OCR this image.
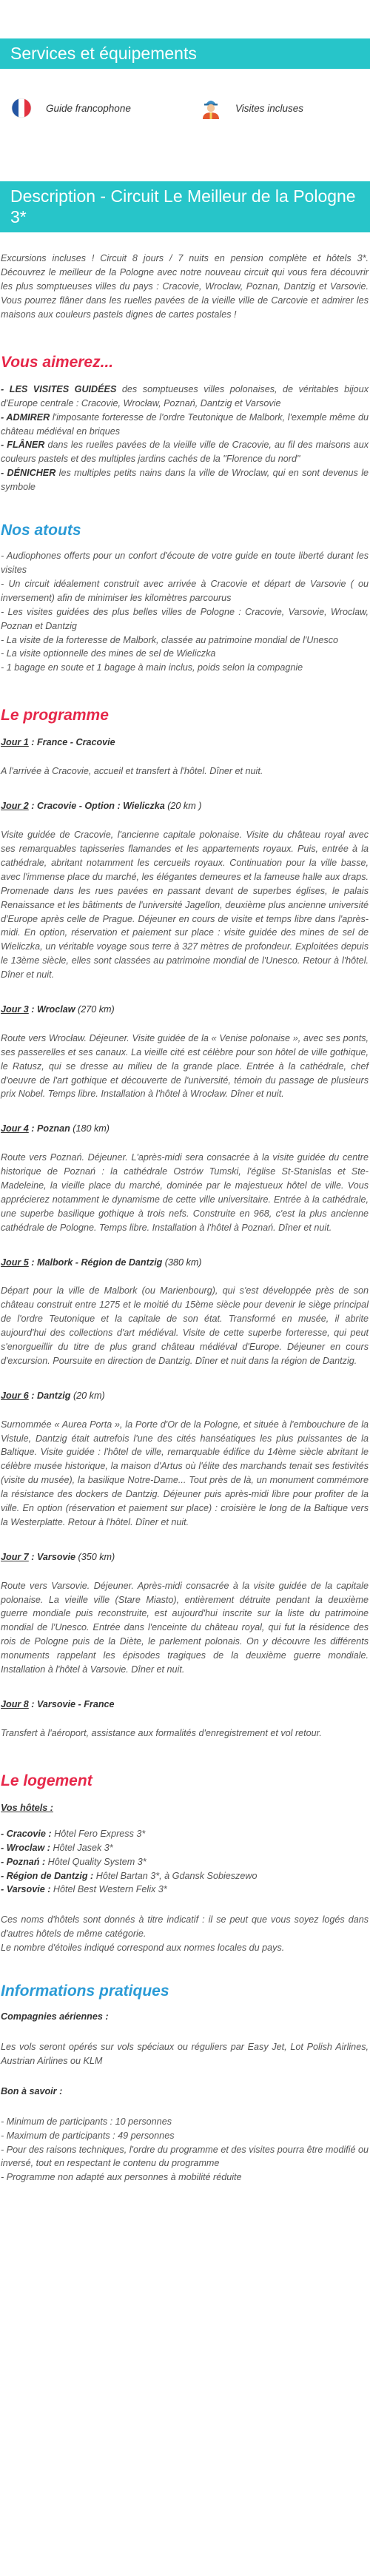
Services et équipements
Guide francophone	Visites incluses
Description - Circuit Le Meilleur de la Pologne 3*

Excursions incluses ! Circuit 8 jours / 7 nuits en pension complète et hôtels 3*. Découvrez le meilleur de la Pologne avec notre nouveau circuit qui vous fera découvrir les plus somptueuses villes du pays : Cracovie, Wroclaw, Poznan, Dantzig et Varsovie. Vous pourrez flâner dans les ruelles pavées de la vieille ville de Carcovie et admirer les maisons aux couleurs pastels dignes de cartes postales !

Vous aimerez...
- LES VISITES GUIDÉES des somptueuses villes polonaises, de véritables bijoux d'Europe centrale : Cracovie, Wrocław, Poznań, Dantzig et Varsovie
- ADMIRER l'imposante forteresse de l'ordre Teutonique de Malbork, l'exemple même du château médiéval en briques
- FLÂNER dans les ruelles pavées de la vieille ville de Cracovie, au fil des maisons aux couleurs pastels et des multiples jardins cachés de la "Florence du nord"
- DÉNICHER les multiples petits nains dans la ville de Wroclaw, qui en sont devenus le symbole
Nos atouts
- Audiophones offerts pour un confort d'écoute de votre guide en toute liberté durant les visites
- Un circuit idéalement construit avec arrivée à Cracovie et départ de Varsovie ( ou inversement) afin de minimiser les kilomètres parcourus
- Les visites guidées des plus belles villes de Pologne : Cracovie, Varsovie, Wroclaw, Poznan et Dantzig
- La visite de la forteresse de Malbork, classée au patrimoine mondial de l'Unesco
- La visite optionnelle des mines de sel de Wieliczka
- 1 bagage en soute et 1 bagage à main inclus, poids selon la compagnie
Le programme
Jour 1 : France - Cracovie
A l'arrivée à Cracovie, accueil et transfert à l'hôtel. Dîner et nuit.
Jour 2 : Cracovie - Option : Wieliczka (20 km )
Visite guidée de Cracovie, l'ancienne capitale polonaise. Visite du château royal avec ses remarquables tapisseries flamandes et les appartements royaux. Puis, entrée à la cathédrale, abritant notamment les cercueils royaux. Continuation pour la ville basse, avec l'immense place du marché, les élégantes demeures et la fameuse halle aux draps. Promenade dans les rues pavées en passant devant de superbes églises, le palais Renaissance et les bâtiments de l'université Jagellon, deuxième plus ancienne université d'Europe après celle de Prague. Déjeuner en cours de visite et temps libre dans l'après-midi. En option, réservation et paiement sur place : visite guidée des mines de sel de Wieliczka, un véritable voyage sous terre à 327 mètres de profondeur. Exploitées depuis le 13ème siècle, elles sont classées au patrimoine mondial de l'Unesco. Retour à l'hôtel. Dîner et nuit.
Jour 3 : Wroclaw (270 km)
Route vers Wrocław. Déjeuner. Visite guidée de la « Venise polonaise », avec ses ponts, ses passerelles et ses canaux. La vieille cité est célèbre pour son hôtel de ville gothique, le Ratusz, qui se dresse au milieu de la grande place. Entrée à la cathédrale, chef d'oeuvre de l'art gothique et découverte de l'université, témoin du passage de plusieurs prix Nobel. Temps libre. Installation à l'hôtel à Wrocław. Dîner et nuit.
Jour 4 : Poznan (180 km)
Route vers Poznań. Déjeuner. L'après-midi sera consacrée à la visite guidée du centre historique de Poznań : la cathédrale Ostrów Tumski, l'église St-Stanislas et Ste-Madeleine, la vieille place du marché, dominée par le majestueux hôtel de ville. Vous apprécierez notamment le dynamisme de cette ville universitaire. Entrée à la cathédrale, une superbe basilique gothique à trois nefs. Construite en 968, c'est la plus ancienne cathédrale de Pologne. Temps libre. Installation à l'hôtel à Poznań. Dîner et nuit.
Jour 5 : Malbork - Région de Dantzig (380 km)
Départ pour la ville de Malbork (ou Marienbourg), qui s'est développée près de son château construit entre 1275 et le moitié du 15ème siècle pour devenir le siège principal de l'ordre Teutonique et la capitale de son état. Transformé en musée, il abrite aujourd'hui des collections d'art médiéval. Visite de cette superbe forteresse, qui peut s'enorgueillir du titre de plus grand château médiéval d'Europe. Déjeuner en cours d'excursion. Poursuite en direction de Dantzig. Dîner et nuit dans la région de Dantzig.
Jour 6 : Dantzig (20 km)
Surnommée « Aurea Porta », la Porte d'Or de la Pologne, et située à l'embouchure de la Vistule, Dantzig était autrefois l'une des cités hanséatiques les plus puissantes de la Baltique. Visite guidée : l'hôtel de ville, remarquable édifice du 14ème siècle abritant le célèbre musée historique, la maison d'Artus où l'élite des marchands tenait ses festivités (visite du musée), la basilique Notre-Dame... Tout près de là, un monument commémore la résistance des dockers de Dantzig. Déjeuner puis après-midi libre pour profiter de la ville. En option (réservation et paiement sur place) : croisière le long de la Baltique vers la Westerplatte. Retour à l'hôtel. Dîner et nuit.
Jour 7 : Varsovie (350 km)
Route vers Varsovie. Déjeuner. Après-midi consacrée à la visite guidée de la capitale polonaise. La vieille ville (Stare Miasto), entièrement détruite pendant la deuxième guerre mondiale puis reconstruite, est aujourd'hui inscrite sur la liste du patrimoine mondial de l'Unesco. Entrée dans l'enceinte du château royal, qui fut la résidence des rois de Pologne puis de la Diète, le parlement polonais. On y découvre les différents monuments rappelant les épisodes tragiques de la deuxième guerre mondiale. Installation à l'hôtel à Varsovie. Dîner et nuit.
Jour 8 : Varsovie - France
Transfert à l'aéroport, assistance aux formalités d'enregistrement et vol retour.
Le logement
Vos hôtels :
- Cracovie : Hôtel Fero Express 3*
- Wroclaw : Hôtel Jasek 3*
- Poznań : Hôtel Quality System 3*
- Région de Dantzig : Hôtel Bartan 3*, à Gdansk Sobieszewo
- Varsovie : Hôtel Best Western Felix 3*

Ces noms d'hôtels sont donnés à titre indicatif : il se peut que vous soyez logés dans d'autres hôtels de même catégorie.

Le nombre d'étoiles indiqué correspond aux normes locales du pays.

Informations pratiques
Compagnies aériennes :

Les vols seront opérés sur vols spéciaux ou réguliers par Easy Jet, Lot Polish Airlines, Austrian Airlines ou KLM

Bon à savoir :
- Minimum de participants : 10 personnes
- Maximum de participants : 49 personnes
- Pour des raisons techniques, l'ordre du programme et des visites pourra être modifié ou inversé, tout en respectant le contenu du programme
- Programme non adapté aux personnes à mobilité réduite
